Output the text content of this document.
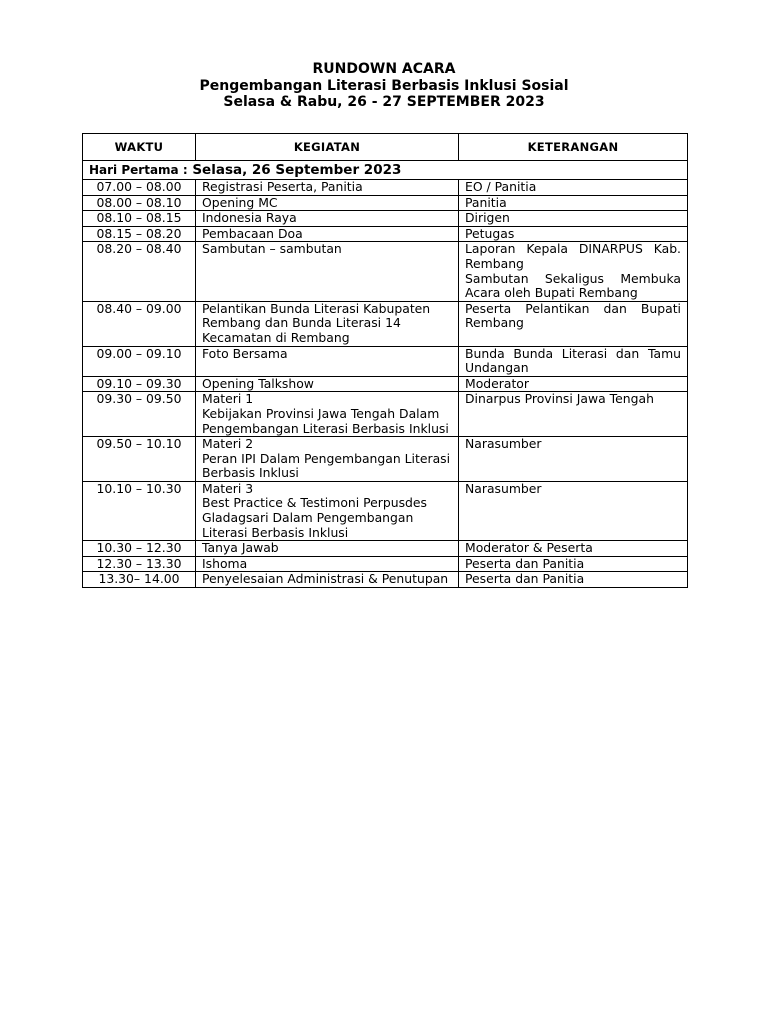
RUNDOWN ACARA
Pengembangan Literasi Berbasis Inklusi Sosial
Selasa & Rabu, 26 - 27 SEPTEMBER 2023
WAKTU	KEGIATAN	KETERANGAN
Hari Pertama : Selasa, 26 September 2023		
07.00 – 08.00	Registrasi Peserta, Panitia	EO / Panitia

08.00 – 08.10	Opening MC	Panitia

08.10 – 08.15	Indonesia Raya	Dirigen

08.15 – 08.20	Pembacaan Doa	Petugas

08.20 – 08.40	Sambutan – sambutan	Laporan Kepala DINARPUS Kab. Rembang
Sambutan Sekaligus Membuka Acara oleh Bupati Rembang

08.40 – 09.00	Pelantikan Bunda Literasi Kabupaten Rembang dan Bunda Literasi 14 Kecamatan di Rembang	Peserta Pelantikan dan Bupati Rembang

09.00 – 09.10	Foto Bersama	Bunda Bunda Literasi dan Tamu Undangan

09.10 – 09.30	Opening Talkshow	Moderator

09.30 – 09.50	Materi 1
Kebijakan Provinsi Jawa Tengah Dalam Pengembangan Literasi Berbasis Inklusi	Dinarpus Provinsi Jawa Tengah

09.50 – 10.10	Materi 2
Peran IPI Dalam Pengembangan Literasi Berbasis Inklusi	Narasumber

10.10 – 10.30	Materi 3
Best Practice & Testimoni Perpusdes Gladagsari Dalam Pengembangan Literasi Berbasis Inklusi	Narasumber

10.30 – 12.30	Tanya Jawab	Moderator & Peserta

12.30 – 13.30	Ishoma	Peserta dan Panitia

13.30– 14.00	Penyelesaian Administrasi & Penutupan	Peserta dan Panitia
